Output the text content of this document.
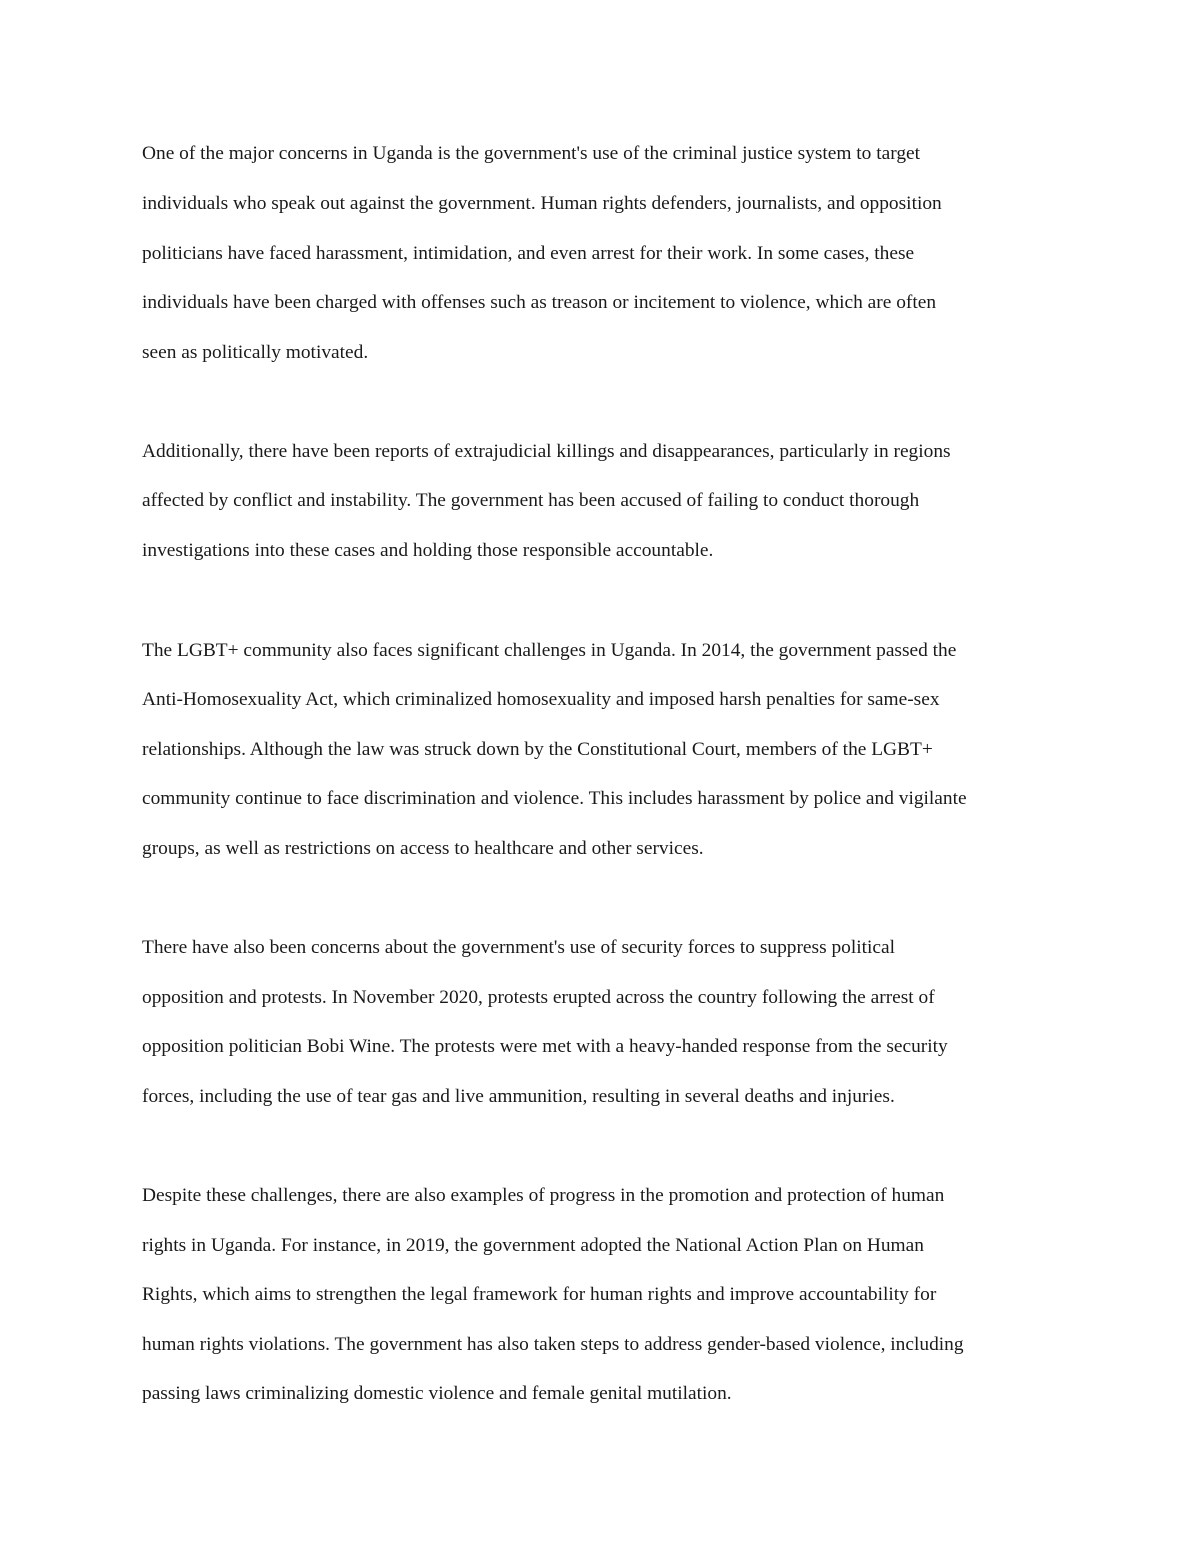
One of the major concerns in Uganda is the government's use of the criminal justice system to target
individuals who speak out against the government. Human rights defenders, journalists, and opposition
politicians have faced harassment, intimidation, and even arrest for their work. In some cases, these
individuals have been charged with offenses such as treason or incitement to violence, which are often
seen as politically motivated.
Additionally, there have been reports of extrajudicial killings and disappearances, particularly in regions
affected by conflict and instability. The government has been accused of failing to conduct thorough
investigations into these cases and holding those responsible accountable.
The LGBT+ community also faces significant challenges in Uganda. In 2014, the government passed the
Anti-Homosexuality Act, which criminalized homosexuality and imposed harsh penalties for same-sex
relationships. Although the law was struck down by the Constitutional Court, members of the LGBT+
community continue to face discrimination and violence. This includes harassment by police and vigilante
groups, as well as restrictions on access to healthcare and other services.
There have also been concerns about the government's use of security forces to suppress political
opposition and protests. In November 2020, protests erupted across the country following the arrest of
opposition politician Bobi Wine. The protests were met with a heavy-handed response from the security
forces, including the use of tear gas and live ammunition, resulting in several deaths and injuries.
Despite these challenges, there are also examples of progress in the promotion and protection of human
rights in Uganda. For instance, in 2019, the government adopted the National Action Plan on Human
Rights, which aims to strengthen the legal framework for human rights and improve accountability for
human rights violations. The government has also taken steps to address gender-based violence, including
passing laws criminalizing domestic violence and female genital mutilation.
